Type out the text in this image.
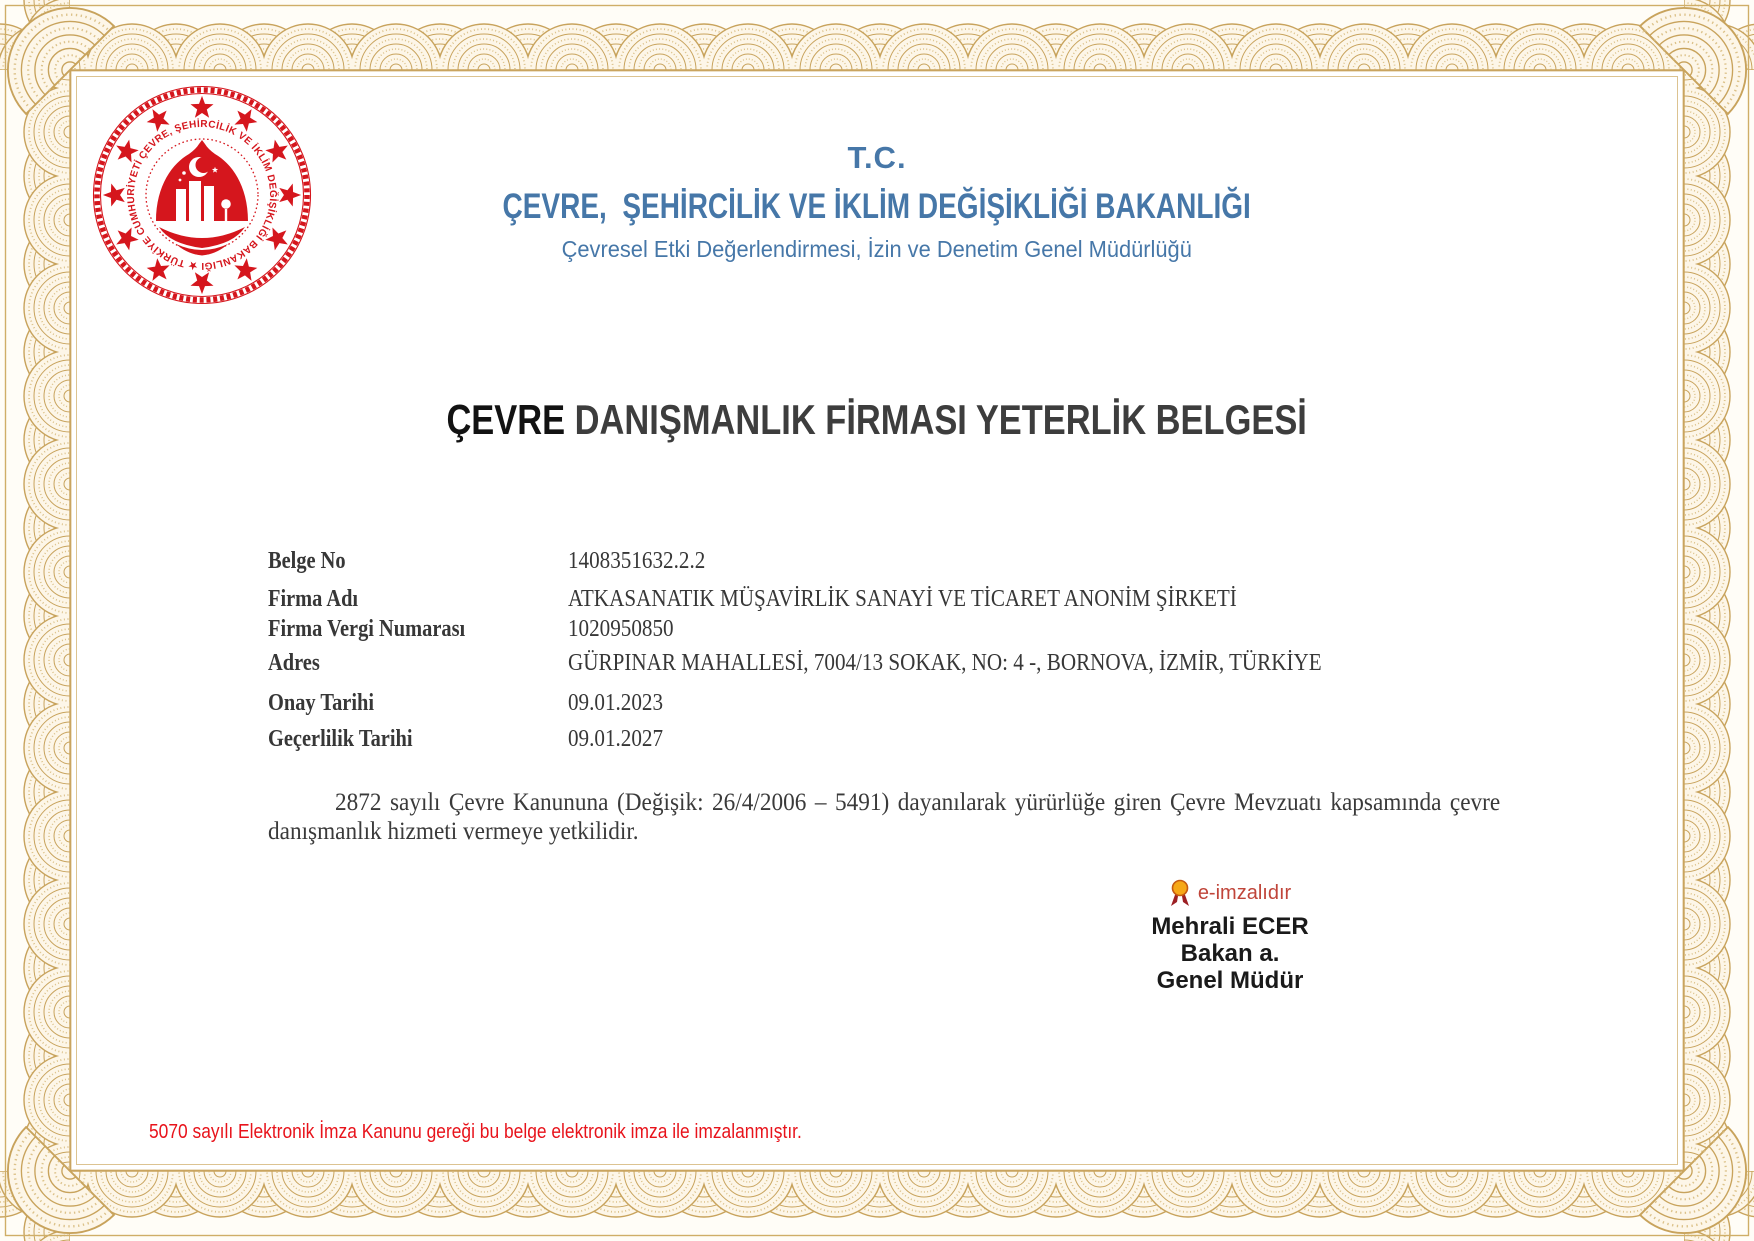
★ TÜRKİYE CUMHURİYETİ ÇEVRE, ŞEHİRCİLİK VE İKLİM DEĞİŞİKLİĞİ BAKANLIĞI
T.C.
ÇEVRE,  ŞEHİRCİLİK VE İKLİM DEĞİŞİKLİĞİ BAKANLIĞI
Çevresel Etki Değerlendirmesi, İzin ve Denetim Genel Müdürlüğü
ÇEVRE DANIŞMANLIK FİRMASI YETERLİK BELGESİ
Belge No	1408351632.2.2
Firma Adı	ATKASANATIK MÜŞAVİRLİK SANAYİ VE TİCARET ANONİM ŞİRKETİ
Firma Vergi Numarası	1020950850
Adres	GÜRPINAR MAHALLESİ, 7004/13 SOKAK, NO: 4 -, BORNOVA, İZMİR, TÜRKİYE
Onay Tarihi	09.01.2023
Geçerlilik Tarihi	09.01.2027
2872 sayılı Çevre Kanununa (Değişik: 26/4/2006 – 5491) dayanılarak yürürlüğe giren Çevre Mevzuatı kapsamında çevre danışmanlık hizmeti vermeye yetkilidir.
e-imzalıdır
Mehrali ECER
Bakan a.
Genel Müdür
5070 sayılı Elektronik İmza Kanunu gereği bu belge elektronik imza ile imzalanmıştır.
